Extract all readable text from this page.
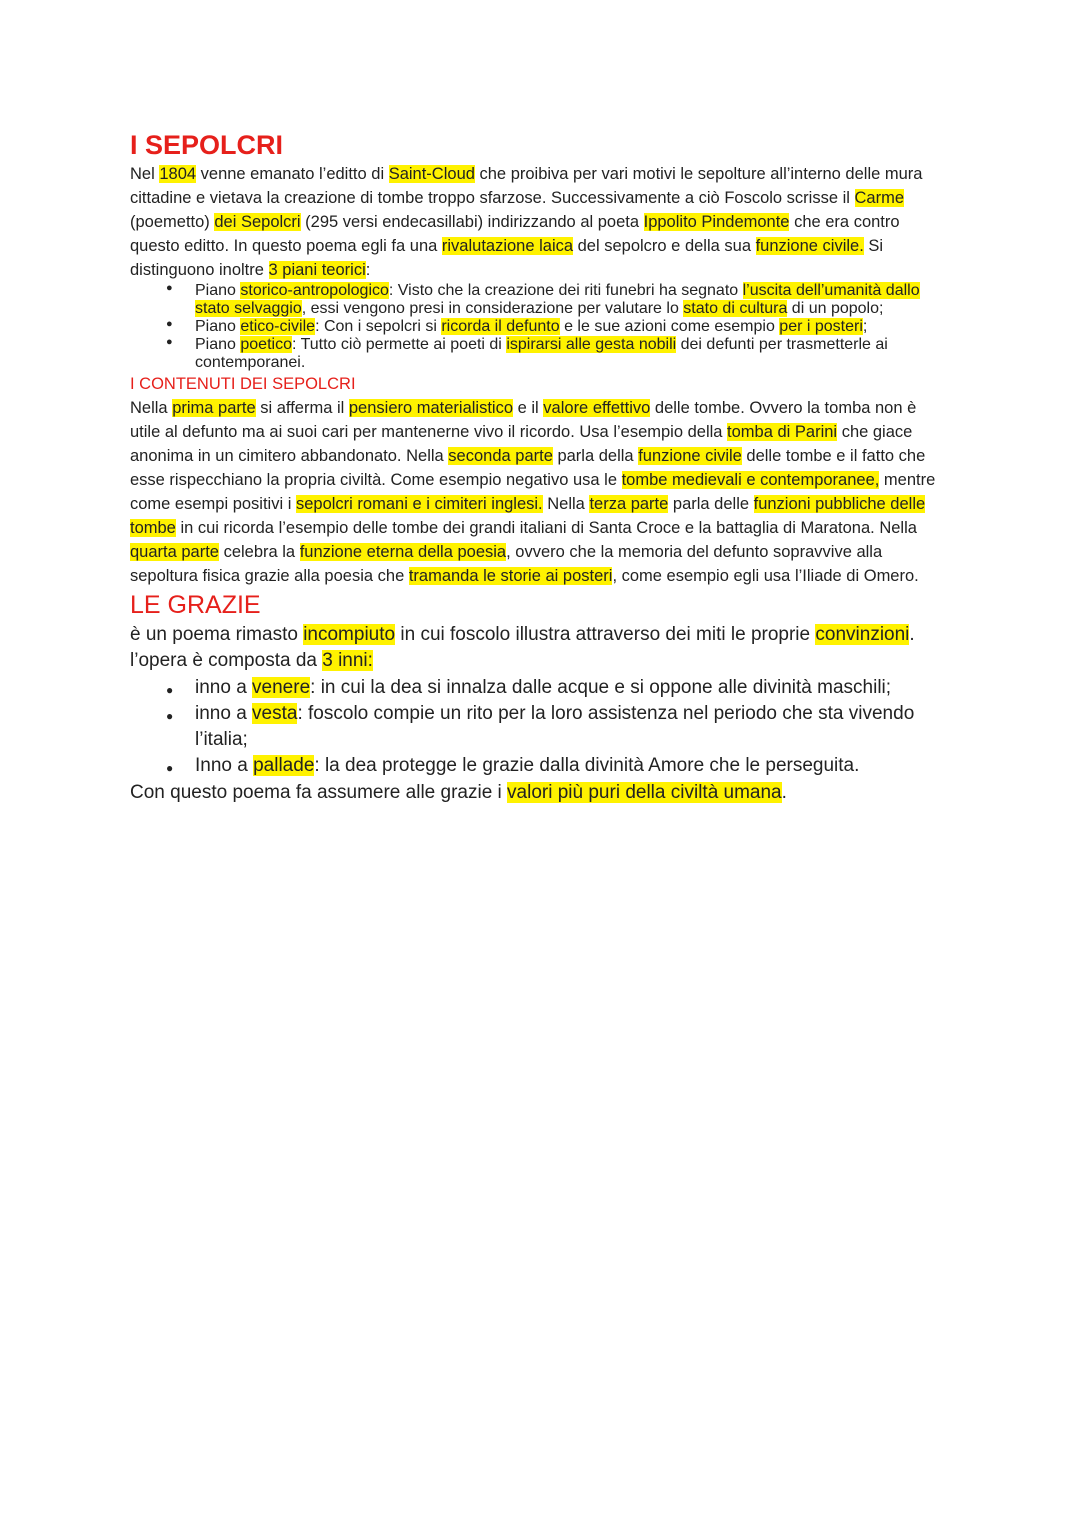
I SEPOLCRI

Nel 1804 venne emanato l’editto di Saint-Cloud che proibiva per vari motivi le sepolture all’interno delle mura cittadine e vietava la creazione di tombe troppo sfarzose. Successivamente a ciò Foscolo scrisse il Carme (poemetto) dei Sepolcri (295 versi endecasillabi) indirizzando al poeta Ippolito Pindemonte che era contro questo editto. In questo poema egli fa una rivalutazione laica del sepolcro e della sua funzione civile. Si distinguono inoltre 3 piani teorici:

● Piano storico-antropologico: Visto che la creazione dei riti funebri ha segnato l’uscita dell’umanità dallo stato selvaggio, essi vengono presi in considerazione per valutare lo stato di cultura di un popolo;
● Piano etico-civile: Con i sepolcri si ricorda il defunto e le sue azioni come esempio per i posteri;
● Piano poetico: Tutto ciò permette ai poeti di ispirarsi alle gesta nobili dei defunti per trasmetterle ai contemporanei.
I CONTENUTI DEI SEPOLCRI

Nella prima parte si afferma il pensiero materialistico e il valore effettivo delle tombe. Ovvero la tomba non è utile al defunto ma ai suoi cari per mantenerne vivo il ricordo. Usa l’esempio della tomba di Parini che giace anonima in un cimitero abbandonato. Nella seconda parte parla della funzione civile delle tombe e il fatto che esse rispecchiano la propria civiltà. Come esempio negativo usa le tombe medievali e contemporanee, mentre come esempi positivi i sepolcri romani e i cimiteri inglesi. Nella terza parte parla delle funzioni pubbliche delle tombe in cui ricorda l’esempio delle tombe dei grandi italiani di Santa Croce e la battaglia di Maratona. Nella quarta parte celebra la funzione eterna della poesia, ovvero che la memoria del defunto sopravvive alla sepoltura fisica grazie alla poesia che tramanda le storie ai posteri, come esempio egli usa l’Iliade di Omero.

LE GRAZIE

è un poema rimasto incompiuto in cui foscolo illustra attraverso dei miti le proprie convinzioni. l’opera è composta da 3 inni:

● inno a venere: in cui la dea si innalza dalle acque e si oppone alle divinità maschili;
● inno a vesta: foscolo compie un rito per la loro assistenza nel periodo che sta vivendo l’italia;
● Inno a pallade: la dea protegge le grazie dalla divinità Amore che le perseguita.

Con questo poema fa assumere alle grazie i valori più puri della civiltà umana.
